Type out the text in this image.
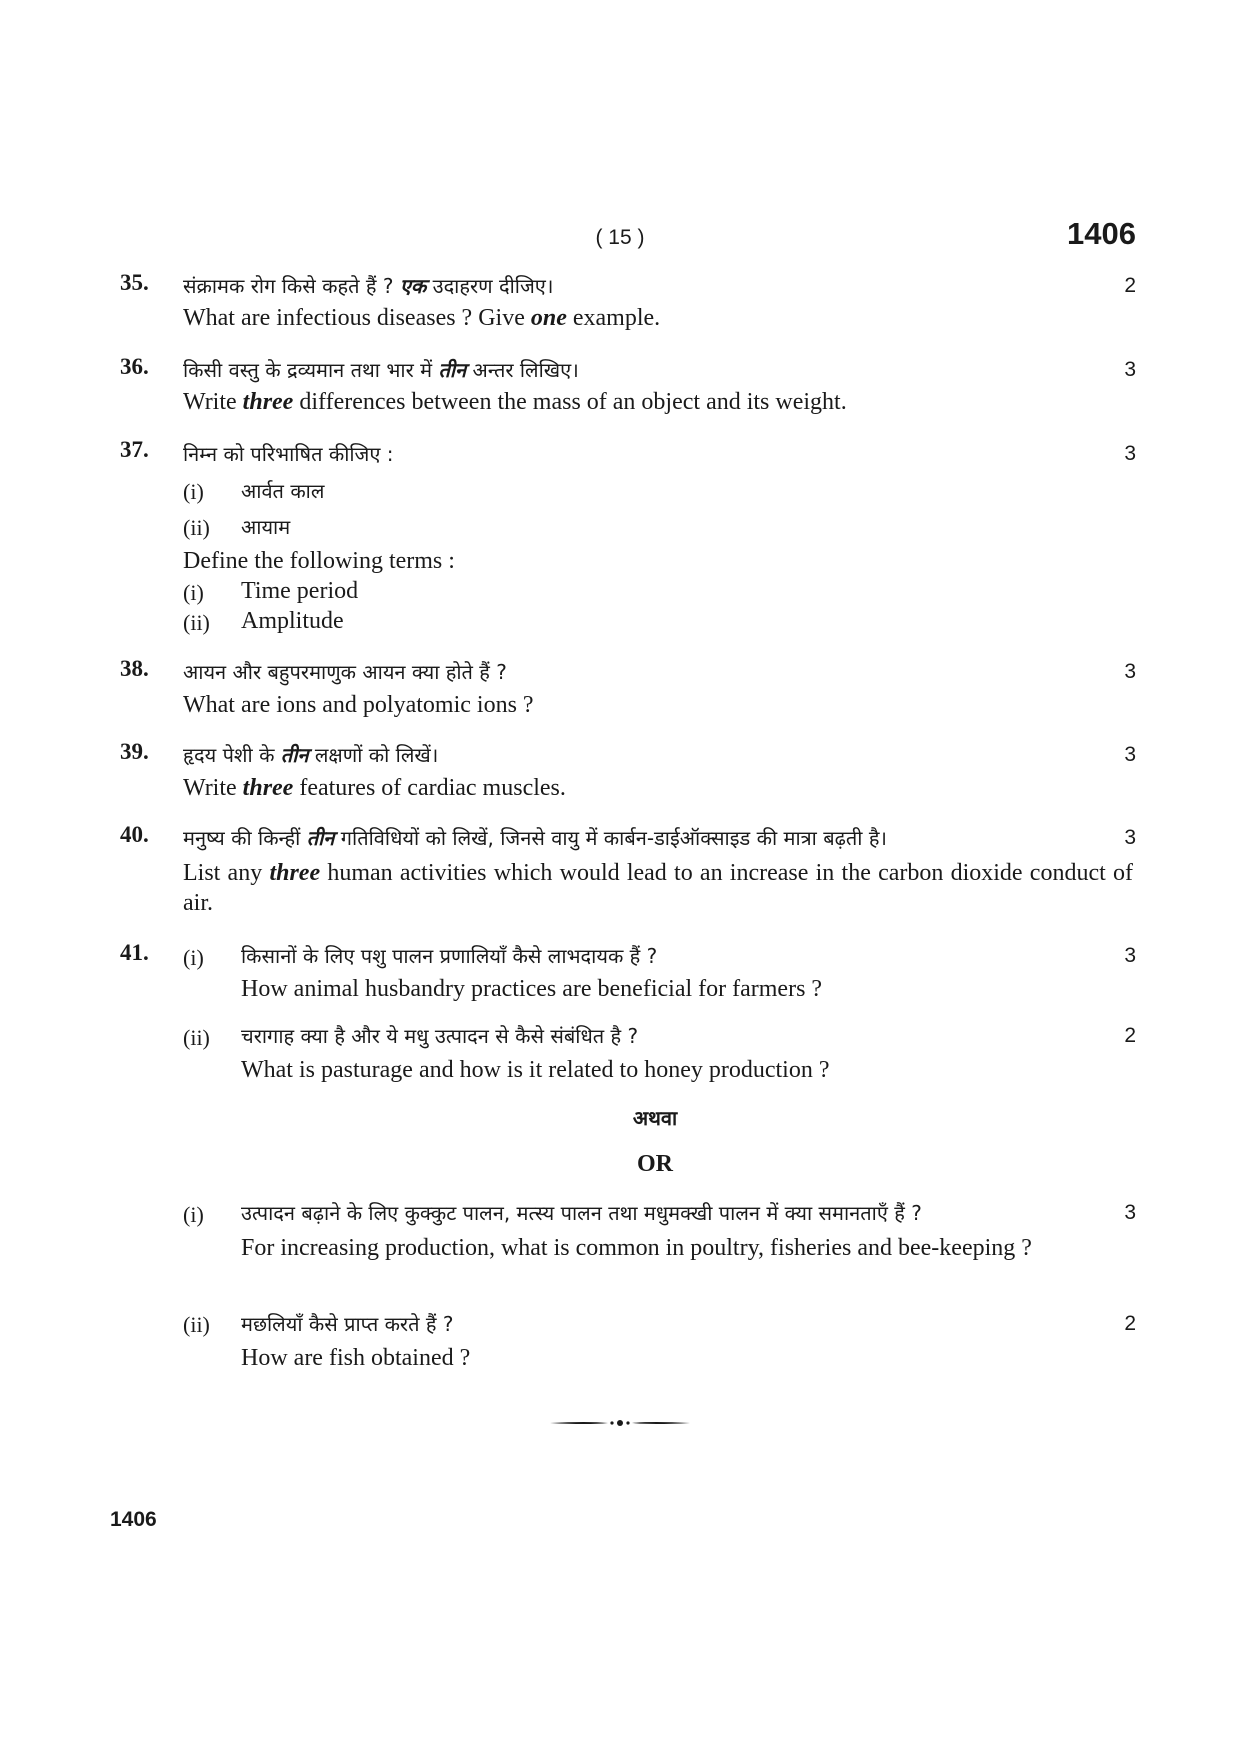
( 15 )	1406
35.	संक्रामक रोग किसे कहते हैं ? एक उदाहरण दीजिए।	2
What are infectious diseases ? Give one example.
36.	किसी वस्तु के द्रव्यमान तथा भार में तीन अन्तर लिखिए।	3
Write three differences between the mass of an object and its weight.
37.	निम्न को परिभाषित कीजिए :	3
(i) आर्वत काल
(ii) आयाम
Define the following terms :
(i) Time period
(ii) Amplitude
38.	आयन और बहुपरमाणुक आयन क्या होते हैं ?	3
What are ions and polyatomic ions ?
39.	हृदय पेशी के तीन लक्षणों को लिखें।	3
Write three features of cardiac muscles.
40.	मनुष्य की किन्हीं तीन गतिविधियों को लिखें, जिनसे वायु में कार्बन-डाईऑक्साइड की मात्रा बढ़ती है।	3
List any three human activities which would lead to an increase in the carbon dioxide conduct of air.
41.	(i) किसानों के लिए पशु पालन प्रणालियाँ कैसे लाभदायक हैं ?	3
How animal husbandry practices are beneficial for farmers ?
(ii) चरागाह क्या है और ये मधु उत्पादन से कैसे संबंधित है ?	2
What is pasturage and how is it related to honey production ?
अथवा
OR
(i) उत्पादन बढ़ाने के लिए कुक्कुट पालन, मत्स्य पालन तथा मधुमक्खी पालन में क्या समानताएँ हैं ?	3
For increasing production, what is common in poultry, fisheries and bee-keeping ?
(ii) मछलियाँ कैसे प्राप्त करते हैं ?	2
How are fish obtained ?
1406
